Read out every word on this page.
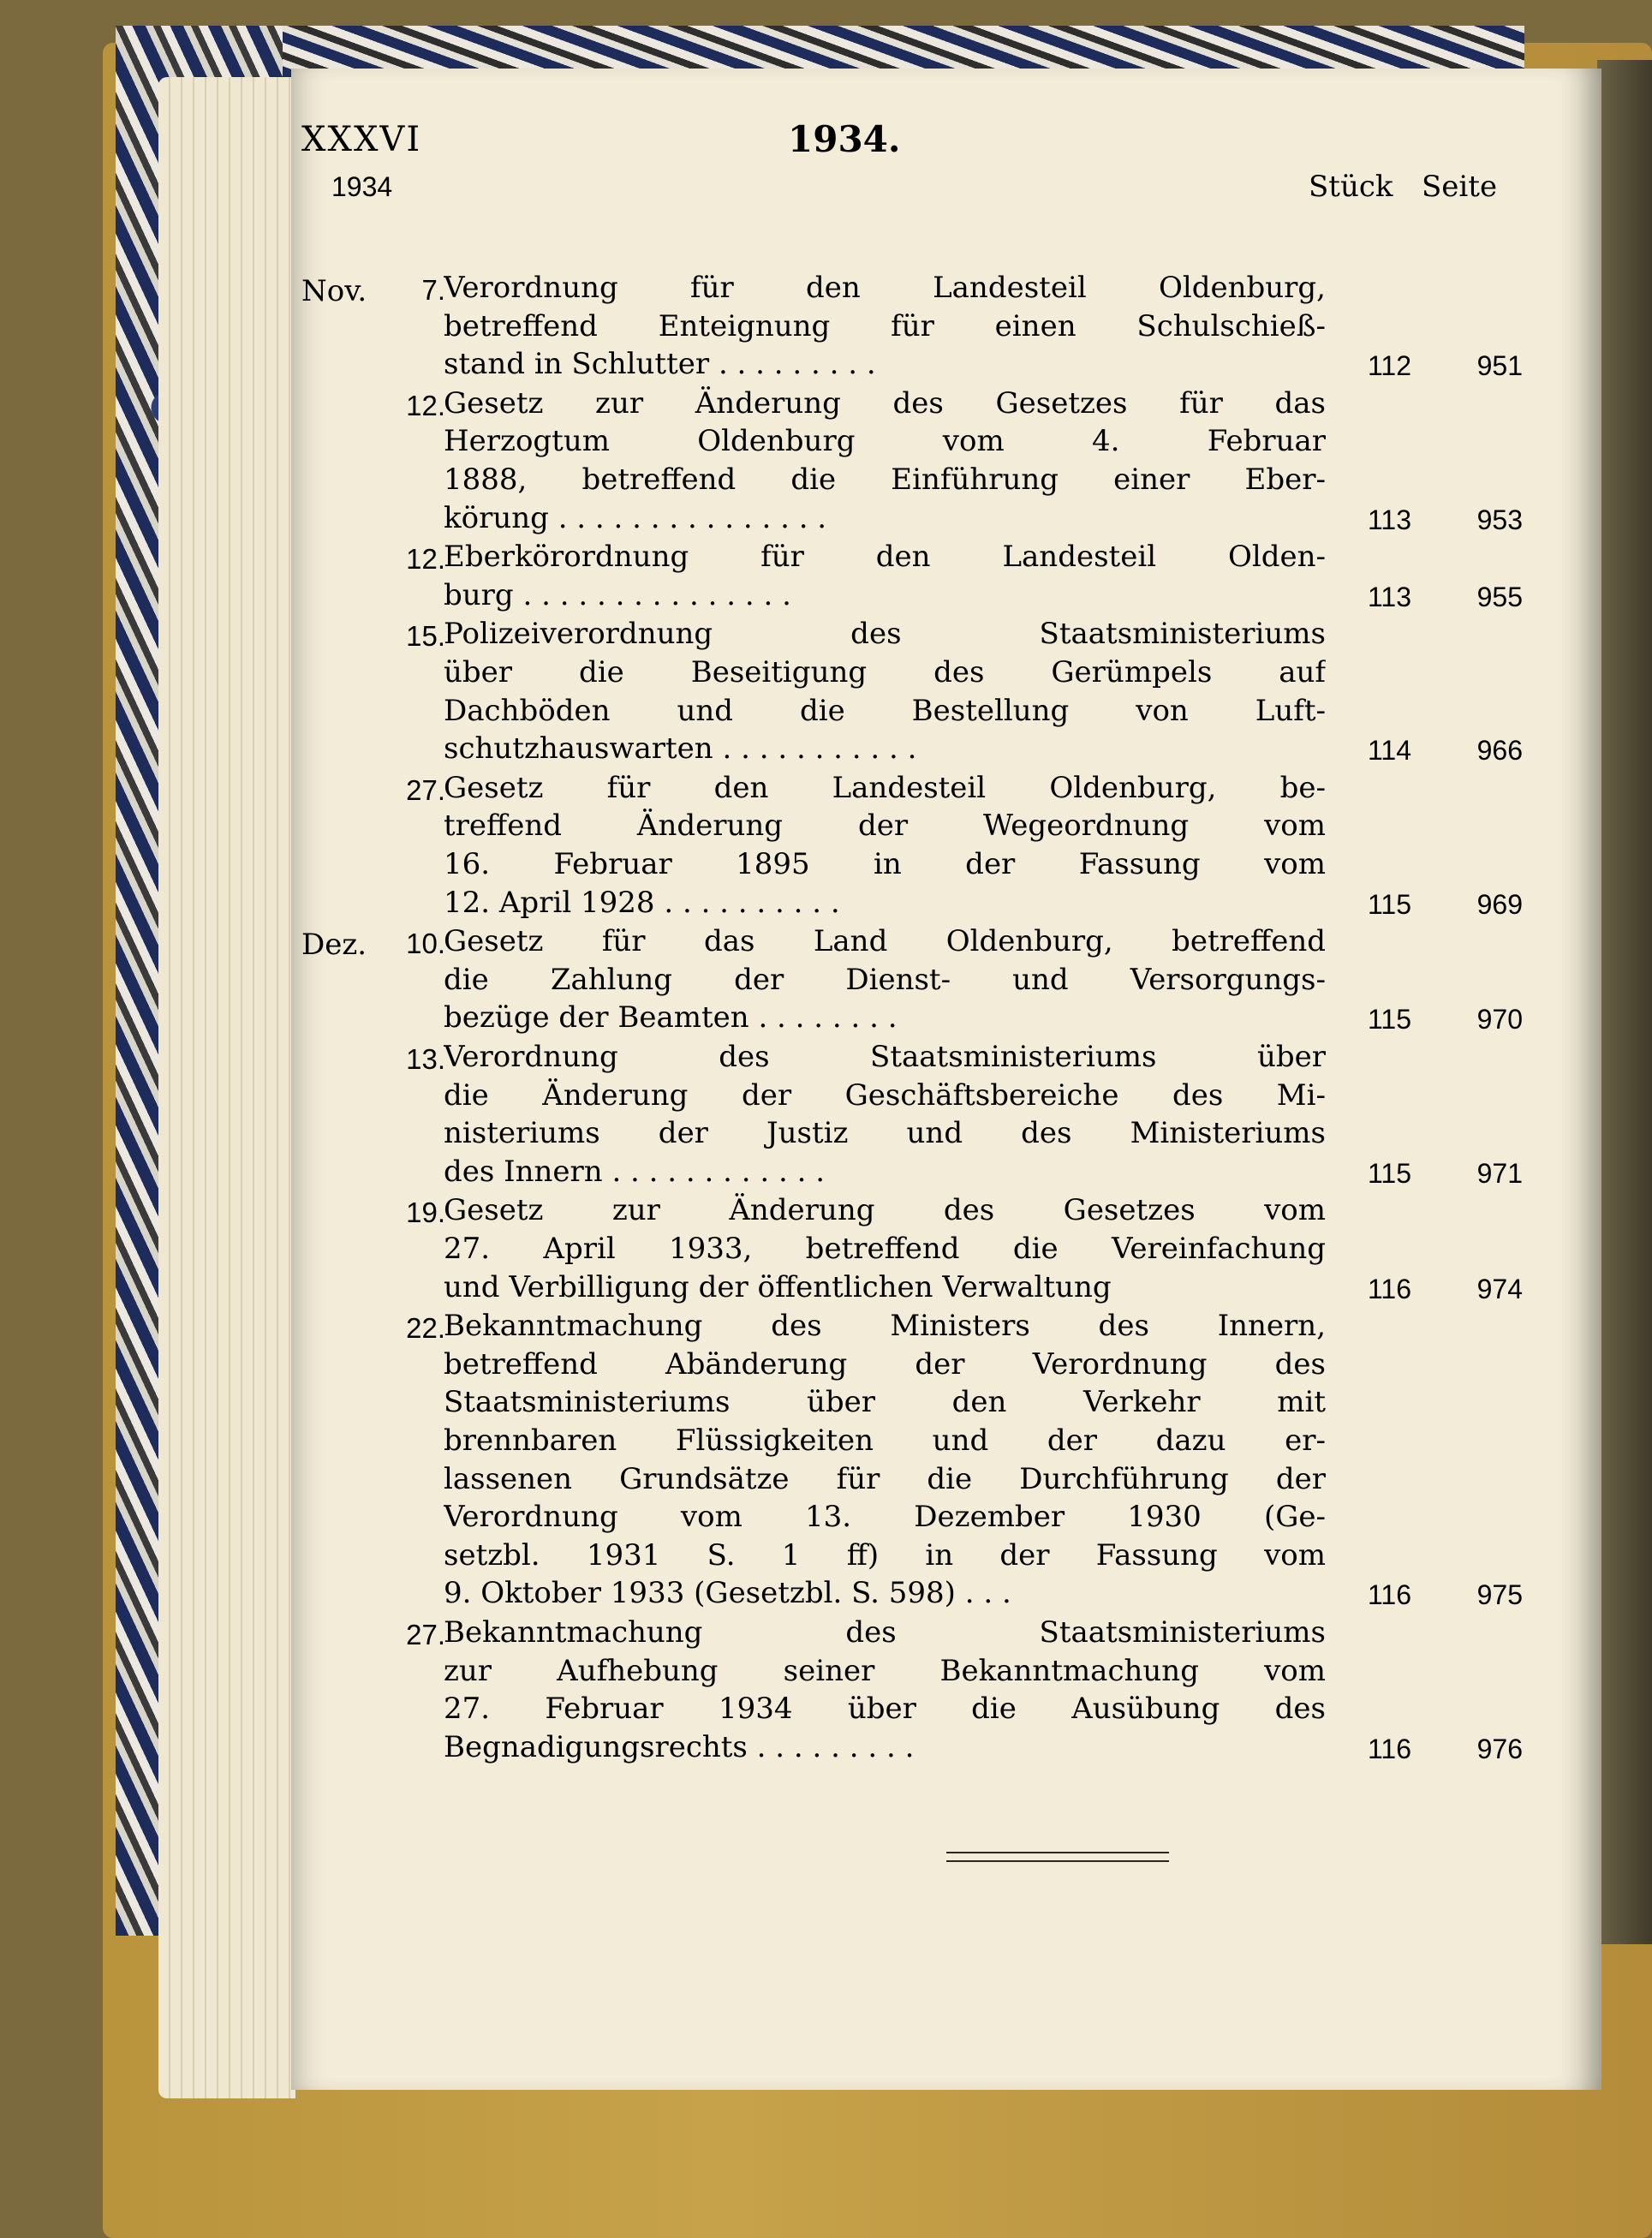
XXXVI	1934.
1934	Stück Seite
Nov.	7.
Verordnung für den Landesteil Oldenburg,
betreffend Enteignung für einen Schulschieß-
stand in Schlutter . . . . . . . . .	112	951
12.
Gesetz zur Änderung des Gesetzes für das
Herzogtum Oldenburg vom 4. Februar
1888, betreffend die Einführung einer Eber-
körung . . . . . . . . . . . . . . .	113	953
12.
Eberkörordnung für den Landesteil Olden-
burg . . . . . . . . . . . . . . .	113	955
15.
Polizeiverordnung des Staatsministeriums
über die Beseitigung des Gerümpels auf
Dachböden und die Bestellung von Luft-
schutzhauswarten . . . . . . . . . . .	114	966
27.
Gesetz für den Landesteil Oldenburg, be-
treffend Änderung der Wegeordnung vom
16. Februar 1895 in der Fassung vom
12. April 1928 . . . . . . . . . .	115	969
Dez.	10.
Gesetz für das Land Oldenburg, betreffend
die Zahlung der Dienst- und Versorgungs-
bezüge der Beamten . . . . . . . .	115	970
13.
Verordnung des Staatsministeriums über
die Änderung der Geschäftsbereiche des Mi-
nisteriums der Justiz und des Ministeriums
des Innern . . . . . . . . . . . .	115	971
19.
Gesetz zur Änderung des Gesetzes vom
27. April 1933, betreffend die Vereinfachung
und Verbilligung der öffentlichen Verwaltung	116	974
22.
Bekanntmachung des Ministers des Innern,
betreffend Abänderung der Verordnung des
Staatsministeriums über den Verkehr mit
brennbaren Flüssigkeiten und der dazu er-
lassenen Grundsätze für die Durchführung der
Verordnung vom 13. Dezember 1930 (Ge-
setzbl. 1931 S. 1 ff) in der Fassung vom
9. Oktober 1933 (Gesetzbl. S. 598) . . .	116	975
27.
Bekanntmachung des Staatsministeriums
zur Aufhebung seiner Bekanntmachung vom
27. Februar 1934 über die Ausübung des
Begnadigungsrechts . . . . . . . . .	116	976
